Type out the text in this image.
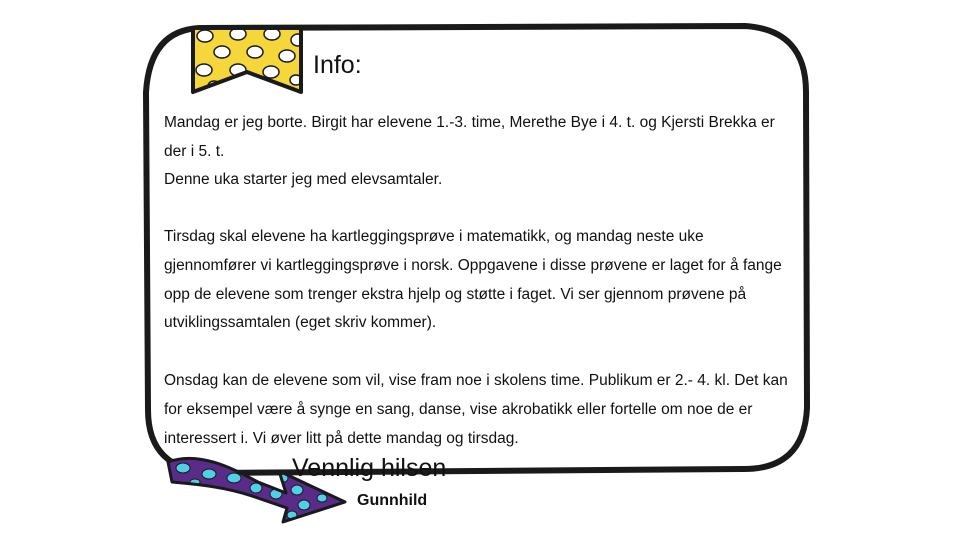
Info:

Mandag er jeg borte. Birgit har elevene 1.-3. time, Merethe Bye i 4. t. og Kjersti Brekka er der i 5. t.

Denne uka starter jeg med elevsamtaler.

Tirsdag skal elevene ha kartleggingsprøve i matematikk, og mandag neste uke gjennomfører vi kartleggingsprøve i norsk. Oppgavene i disse prøvene er laget for å fange opp de elevene som trenger ekstra hjelp og støtte i faget. Vi ser gjennom prøvene på utviklingssamtalen (eget skriv kommer).

Onsdag kan de elevene som vil, vise fram noe i skolens time. Publikum er 2.- 4. kl. Det kan for eksempel være å synge en sang, danse, vise akrobatikk eller fortelle om noe de er interessert i. Vi øver litt på dette mandag og tirsdag.

Vennlig hilsen
Gunnhild
